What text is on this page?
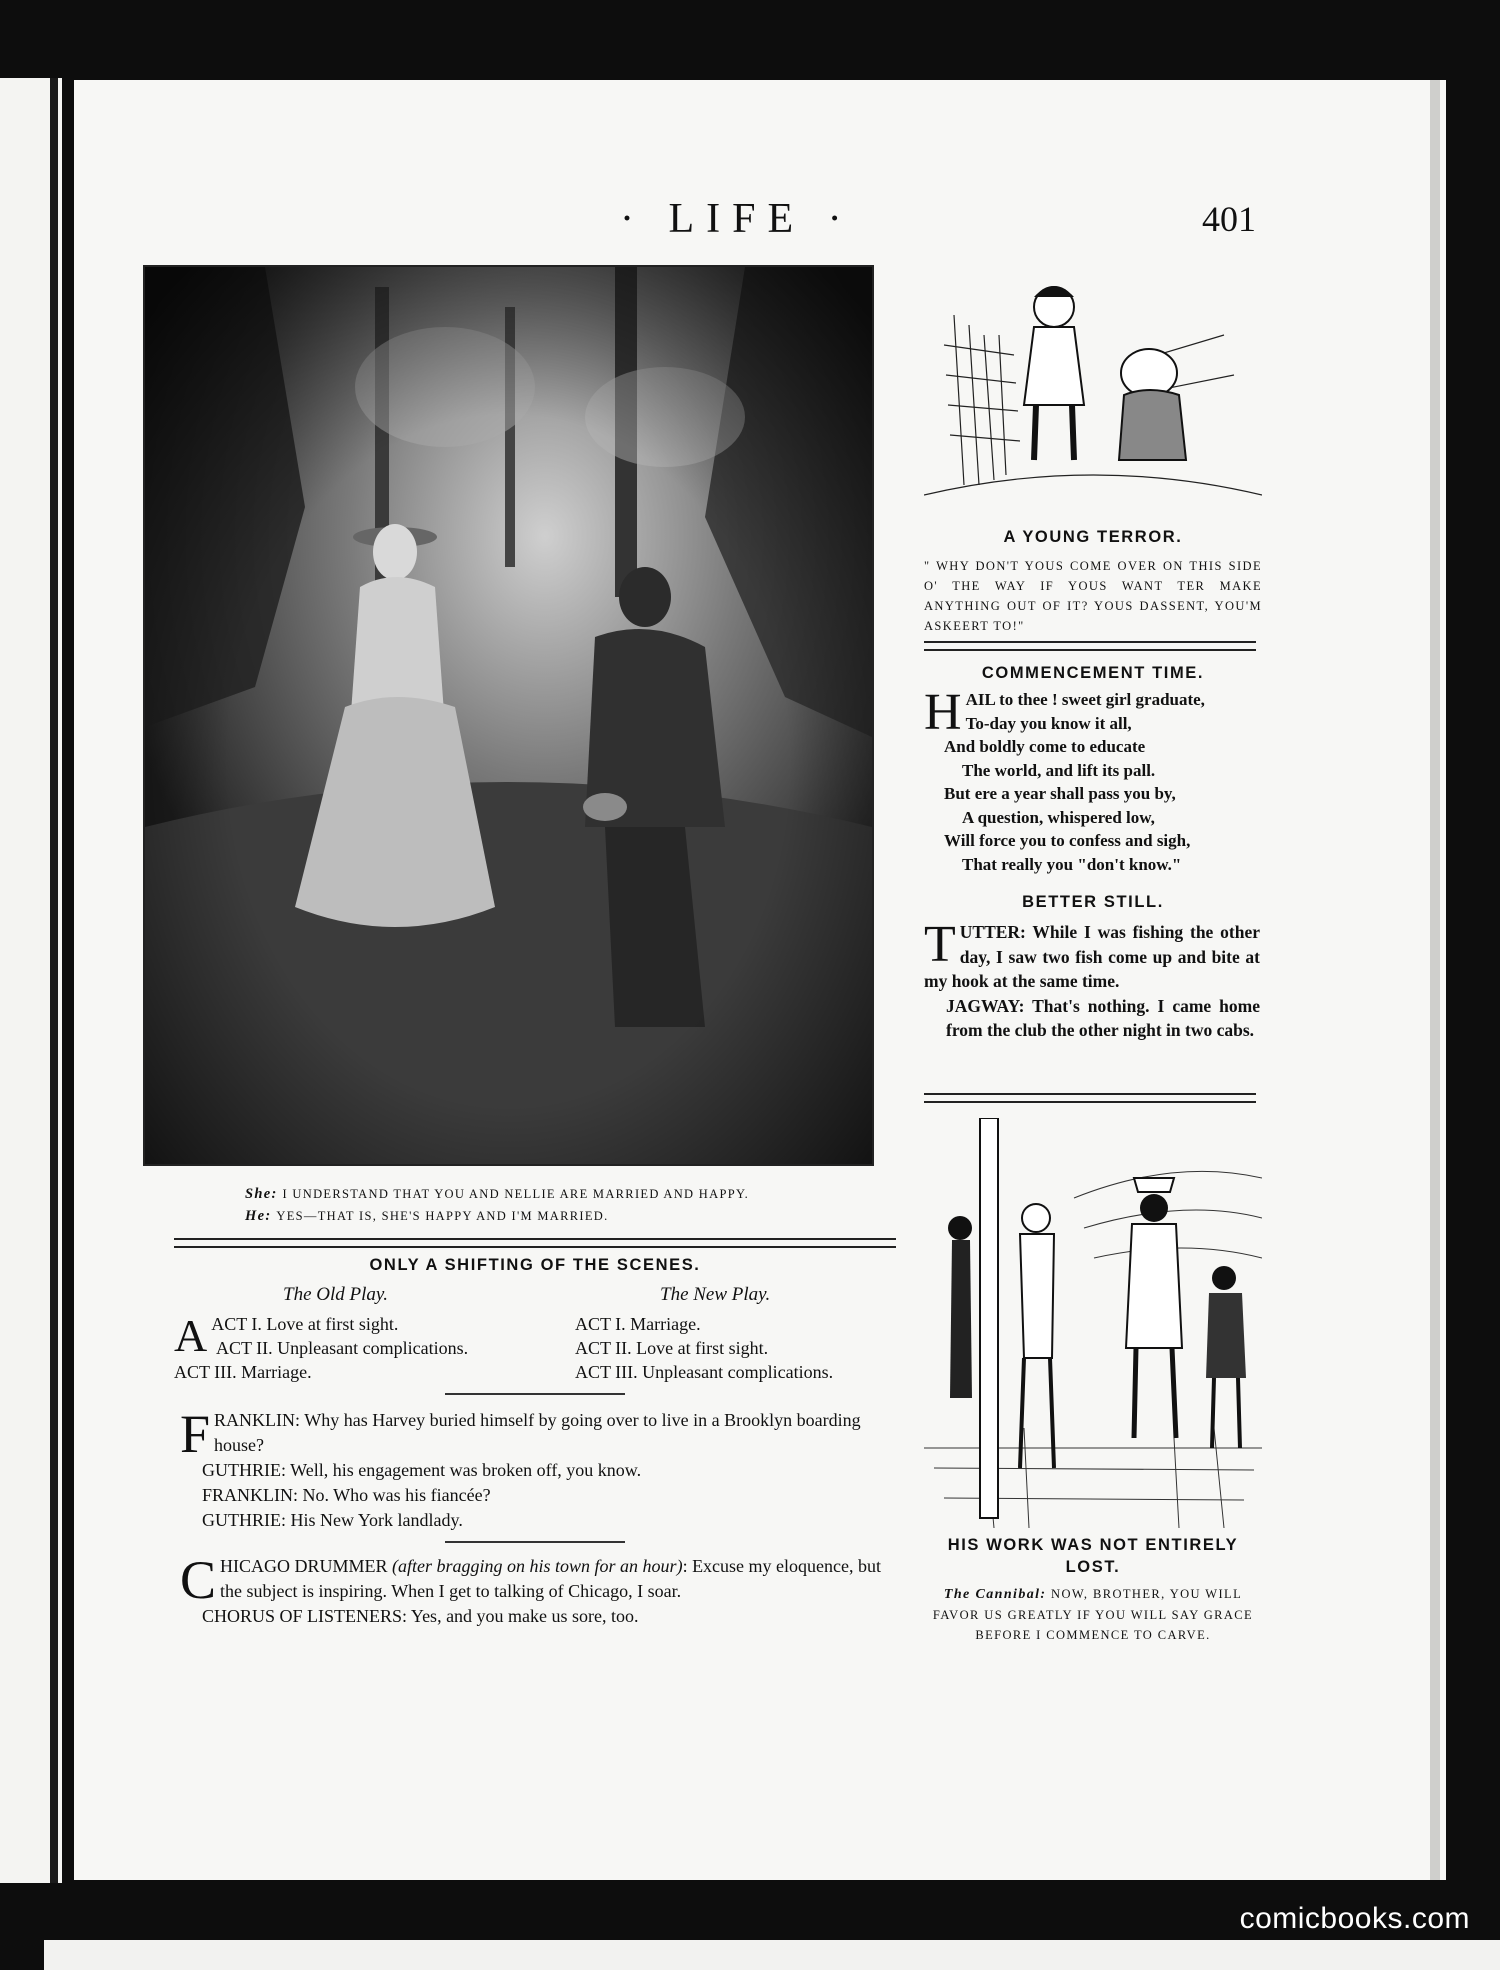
· LIFE ·	401
She: I UNDERSTAND THAT YOU AND NELLIE ARE MARRIED AND HAPPY.
He: YES—THAT IS, SHE'S HAPPY AND I'M MARRIED.
ONLY A SHIFTING OF THE SCENES.
The Old Play.	The New Play.
A ACT I. Love at first sight.
ACT II. Unpleasant complications.
ACT III. Marriage.
ACT I. Marriage.
ACT II. Love at first sight.
ACT III. Unpleasant complications.

FRANKLIN: Why has Harvey buried himself by going over to live in a Brooklyn boarding house?

GUTHRIE: Well, his engagement was broken off, you know.

FRANKLIN: No. Who was his fiancée?

GUTHRIE: His New York landlady.

CHICAGO DRUMMER (after bragging on his town for an hour): Excuse my eloquence, but the subject is inspiring. When I get to talking of Chicago, I soar.

CHORUS OF LISTENERS: Yes, and you make us sore, too.

A YOUNG TERROR.
" WHY DON'T YOUS COME OVER ON THIS SIDE O' THE WAY IF YOUS WANT TER MAKE ANYTHING OUT OF IT? YOUS DASSENT, YOU'M ASKEERT TO!"
COMMENCEMENT TIME.
H AIL to thee ! sweet girl graduate,
To-day you know it all,
And boldly come to educate
The world, and lift its pall.
But ere a year shall pass you by,
A question, whispered low,
Will force you to confess and sigh,
That really you "don't know."
BETTER STILL.
TUTTER: While I was fishing the other day, I saw two fish come up and bite at my hook at the same time.
JAGWAY: That's nothing. I came home from the club the other night in two cabs.
HIS WORK WAS NOT ENTIRELY LOST.
The Cannibal: NOW, BROTHER, YOU WILL FAVOR US GREATLY IF YOU WILL SAY GRACE BEFORE I COMMENCE TO CARVE.
comicbooks.com
